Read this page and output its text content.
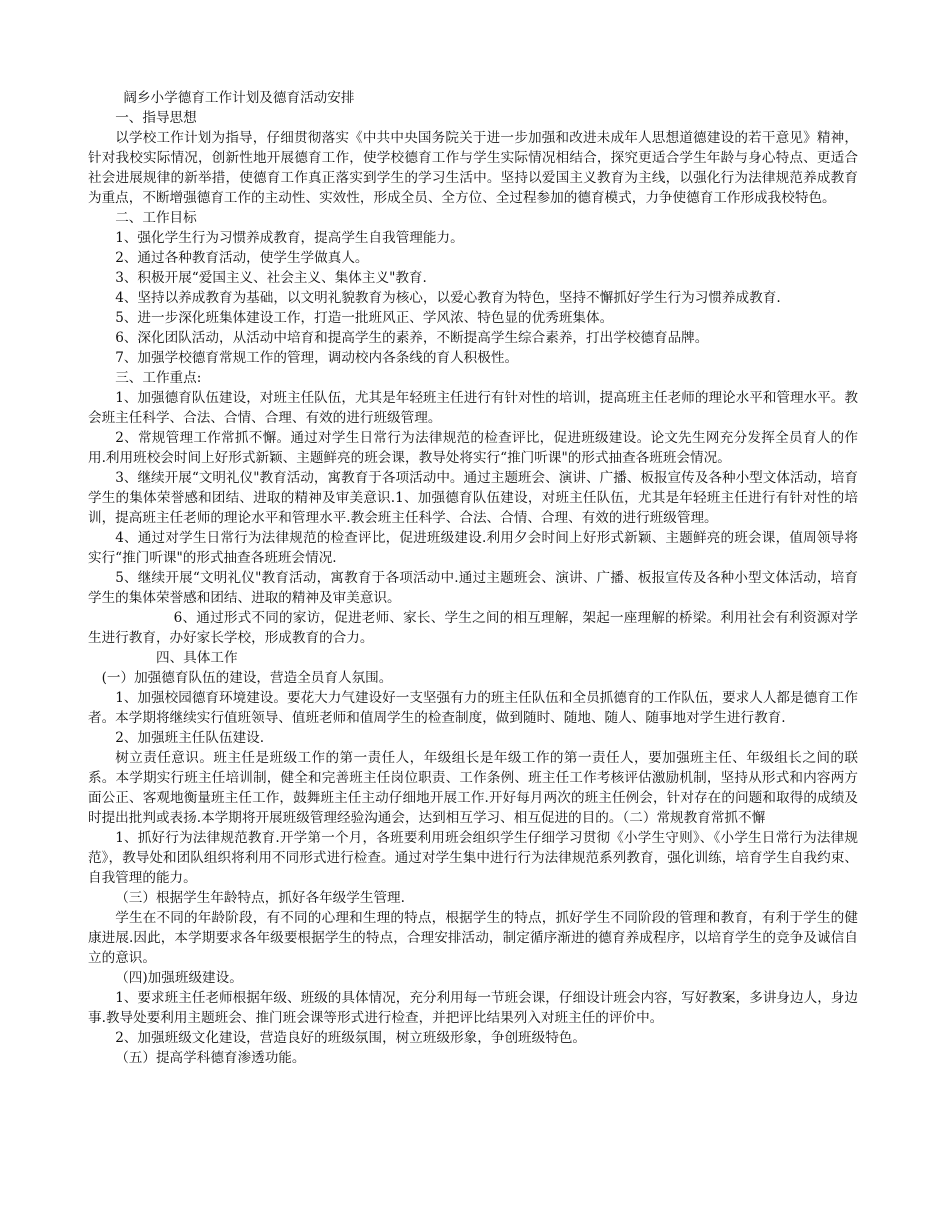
阔乡小学德育工作计划及德育活动安排

一、指导思想

以学校工作计划为指导，仔细贯彻落实《中共中央国务院关于进一步加强和改进未成年人思想道德建设的若干意见》精神，针对我校实际情况，创新性地开展德育工作，使学校德育工作与学生实际情况相结合，探究更适合学生年龄与身心特点、更适合社会进展规律的新举措，使德育工作真正落实到学生的学习生活中。坚持以爱国主义教育为主线，以强化行为法律规范养成教育为重点，不断增强德育工作的主动性、实效性，形成全员、全方位、全过程参加的德育模式，力争使德育工作形成我校特色。

二、工作目标

1、强化学生行为习惯养成教育，提高学生自我管理能力。

2、通过各种教育活动，使学生学做真人。

3、积极开展“爱国主义、社会主义、集体主义"教育.

4、坚持以养成教育为基础，以文明礼貌教育为核心，以爱心教育为特色，坚持不懈抓好学生行为习惯养成教育.

5、进一步深化班集体建设工作，打造一批班风正、学风浓、特色显的优秀班集体。

6、深化团队活动，从活动中培育和提高学生的素养，不断提高学生综合素养，打出学校德育品牌。

7、加强学校德育常规工作的管理，调动校内各条线的育人积极性。

三、工作重点:

1、加强德育队伍建设，对班主任队伍，尤其是年轻班主任进行有针对性的培训，提高班主任老师的理论水平和管理水平。教会班主任科学、合法、合情、合理、有效的进行班级管理。

2、常规管理工作常抓不懈。通过对学生日常行为法律规范的检查评比，促进班级建设。论文先生网充分发挥全员育人的作用.利用班校会时间上好形式新颖、主题鲜亮的班会课，教导处将实行“推门听课"的形式抽查各班班会情况。

3、继续开展“文明礼仪"教育活动，寓教育于各项活动中。通过主题班会、演讲、广播、板报宣传及各种小型文体活动，培育学生的集体荣誉感和团结、进取的精神及审美意识.1、加强德育队伍建设，对班主任队伍，尤其是年轻班主任进行有针对性的培训，提高班主任老师的理论水平和管理水平.教会班主任科学、合法、合情、合理、有效的进行班级管理。

4、通过对学生日常行为法律规范的检查评比，促进班级建设.利用夕会时间上好形式新颖、主题鲜亮的班会课，值周领导将实行“推门听课"的形式抽查各班班会情况.

5、继续开展“文明礼仪"教育活动，寓教育于各项活动中.通过主题班会、演讲、广播、板报宣传及各种小型文体活动，培育学生的集体荣誉感和团结、进取的精神及审美意识。

6、通过形式不同的家访，促进老师、家长、学生之间的相互理解，架起一座理解的桥梁。利用社会有利资源对学生进行教育，办好家长学校，形成教育的合力。

四、具体工作

(一）加强德育队伍的建设，营造全员育人氛围。

1、加强校园德育环境建设。要花大力气建设好一支坚强有力的班主任队伍和全员抓德育的工作队伍，要求人人都是德育工作者。本学期将继续实行值班领导、值班老师和值周学生的检查制度，做到随时、随地、随人、随事地对学生进行教育.

2、加强班主任队伍建设.

树立责任意识。班主任是班级工作的第一责任人，年级组长是年级工作的第一责任人，要加强班主任、年级组长之间的联系。本学期实行班主任培训制，健全和完善班主任岗位职责、工作条例、班主任工作考核评估激励机制，坚持从形式和内容两方面公正、客观地衡量班主任工作，鼓舞班主任主动仔细地开展工作.开好每月两次的班主任例会，针对存在的问题和取得的成绩及时提出批判或表扬.本学期将开展班级管理经验沟通会，达到相互学习、相互促进的目的。（二）常规教育常抓不懈

1、抓好行为法律规范教育.开学第一个月，各班要利用班会组织学生仔细学习贯彻《小学生守则》、《小学生日常行为法律规范》，教导处和团队组织将利用不同形式进行检查。通过对学生集中进行行为法律规范系列教育，强化训练，培育学生自我约束、自我管理的能力。

（三）根据学生年龄特点，抓好各年级学生管理.

学生在不同的年龄阶段，有不同的心理和生理的特点，根据学生的特点，抓好学生不同阶段的管理和教育，有利于学生的健康进展.因此，本学期要求各年级要根据学生的特点，合理安排活动，制定循序渐进的德育养成程序，以培育学生的竞争及诚信自立的意识。

（四)加强班级建设。

1、要求班主任老师根据年级、班级的具体情况，充分利用每一节班会课，仔细设计班会内容，写好教案，多讲身边人，身边事.教导处要利用主题班会、推门班会课等形式进行检查，并把评比结果列入对班主任的评价中。

2、加强班级文化建设，营造良好的班级氛围，树立班级形象，争创班级特色。

（五）提高学科德育渗透功能。
